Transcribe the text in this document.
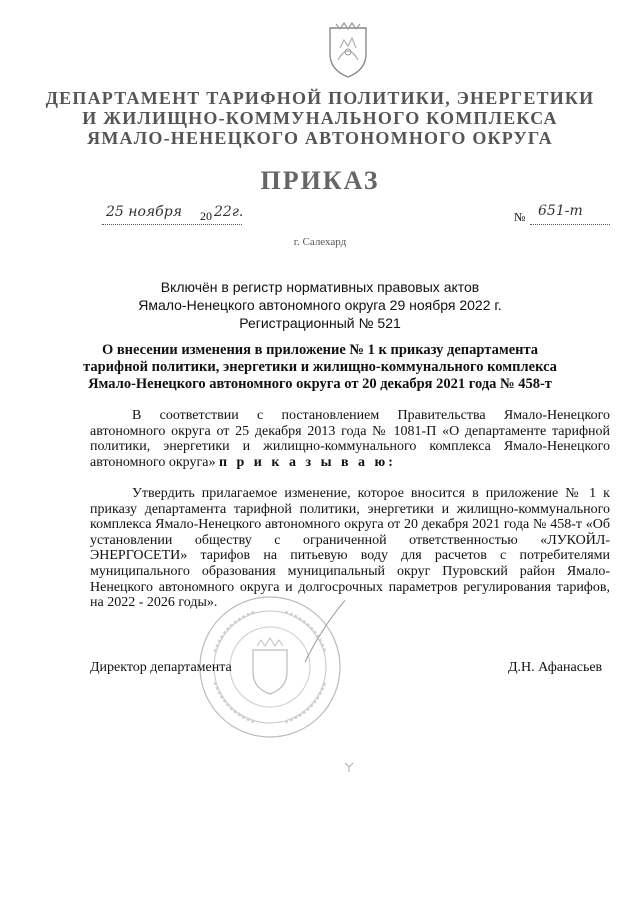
ДЕПАРТАМЕНТ ТАРИФНОЙ ПОЛИТИКИ, ЭНЕРГЕТИКИ
И ЖИЛИЩНО-КОММУНАЛЬНОГО КОМПЛЕКСА
ЯМАЛО-НЕНЕЦКОГО АВТОНОМНОГО ОКРУГА
ПРИКАЗ
25 ноября 20 22г.	№ 651-т
г. Салехард
Включён в регистр нормативных правовых актов
Ямало-Ненецкого автономного округа 29 ноября 2022 г.
Регистрационный № 521
О внесении изменения в приложение № 1 к приказу департамента
тарифной политики, энергетики и жилищно-коммунального комплекса
Ямало-Ненецкого автономного округа от 20 декабря 2021 года № 458-т
В соответствии с постановлением Правительства Ямало-Ненецкого автономного округа от 25 декабря 2013 года № 1081-П «О департаменте тарифной политики, энергетики и жилищно-коммунального комплекса Ямало-Ненецкого автономного округа» п р и к а з ы в а ю:
Утвердить прилагаемое изменение, которое вносится в приложение № 1 к приказу департамента тарифной политики, энергетики и жилищно-коммунального комплекса Ямало-Ненецкого автономного округа от 20 декабря 2021 года № 458-т «Об установлении обществу с ограниченной ответственностью «ЛУКОЙЛ-ЭНЕРГОСЕТИ» тарифов на питьевую воду для расчетов с потребителями муниципального образования муниципальный округ Пуровский район Ямало-Ненецкого автономного округа и долгосрочных параметров регулирования тарифов, на 2022 - 2026 годы».
Директор департамента	Д.Н. Афанасьев
